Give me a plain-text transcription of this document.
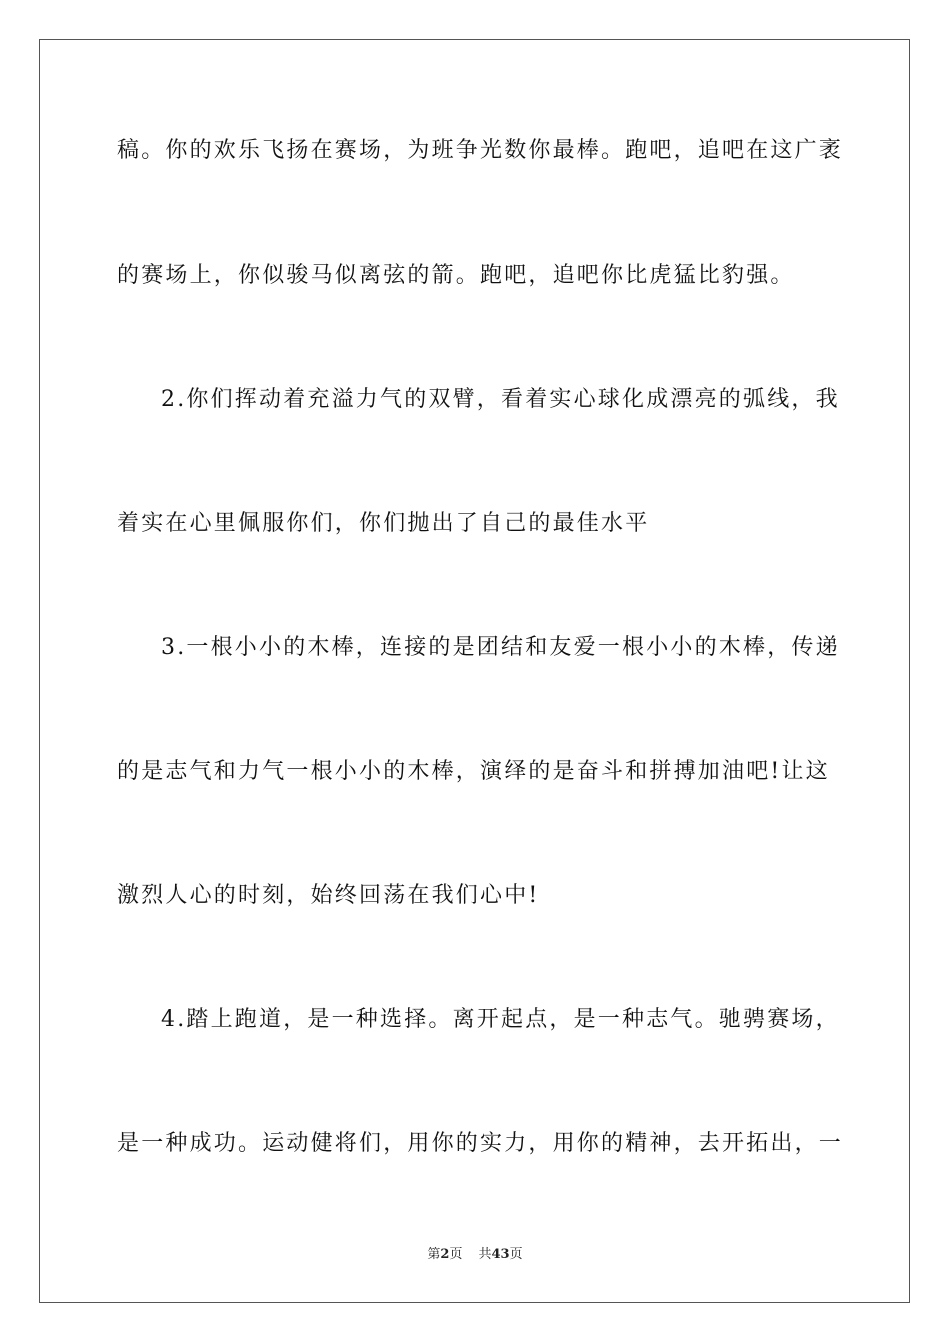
稿。你的欢乐飞扬在赛场，为班争光数你最棒。跑吧，追吧在这广袤
的赛场上，你似骏马似离弦的箭。跑吧，追吧你比虎猛比豹强。
2.你们挥动着充溢力气的双臂，看着实心球化成漂亮的弧线，我
着实在心里佩服你们，你们抛出了自己的最佳水平
3.一根小小的木棒，连接的是团结和友爱一根小小的木棒，传递
的是志气和力气一根小小的木棒，演绎的是奋斗和拼搏加油吧!让这
激烈人心的时刻，始终回荡在我们心中!
4.踏上跑道，是一种选择。离开起点，是一种志气。驰骋赛场，
是一种成功。运动健将们，用你的实力，用你的精神，去开拓出，一
第2页 共43页
